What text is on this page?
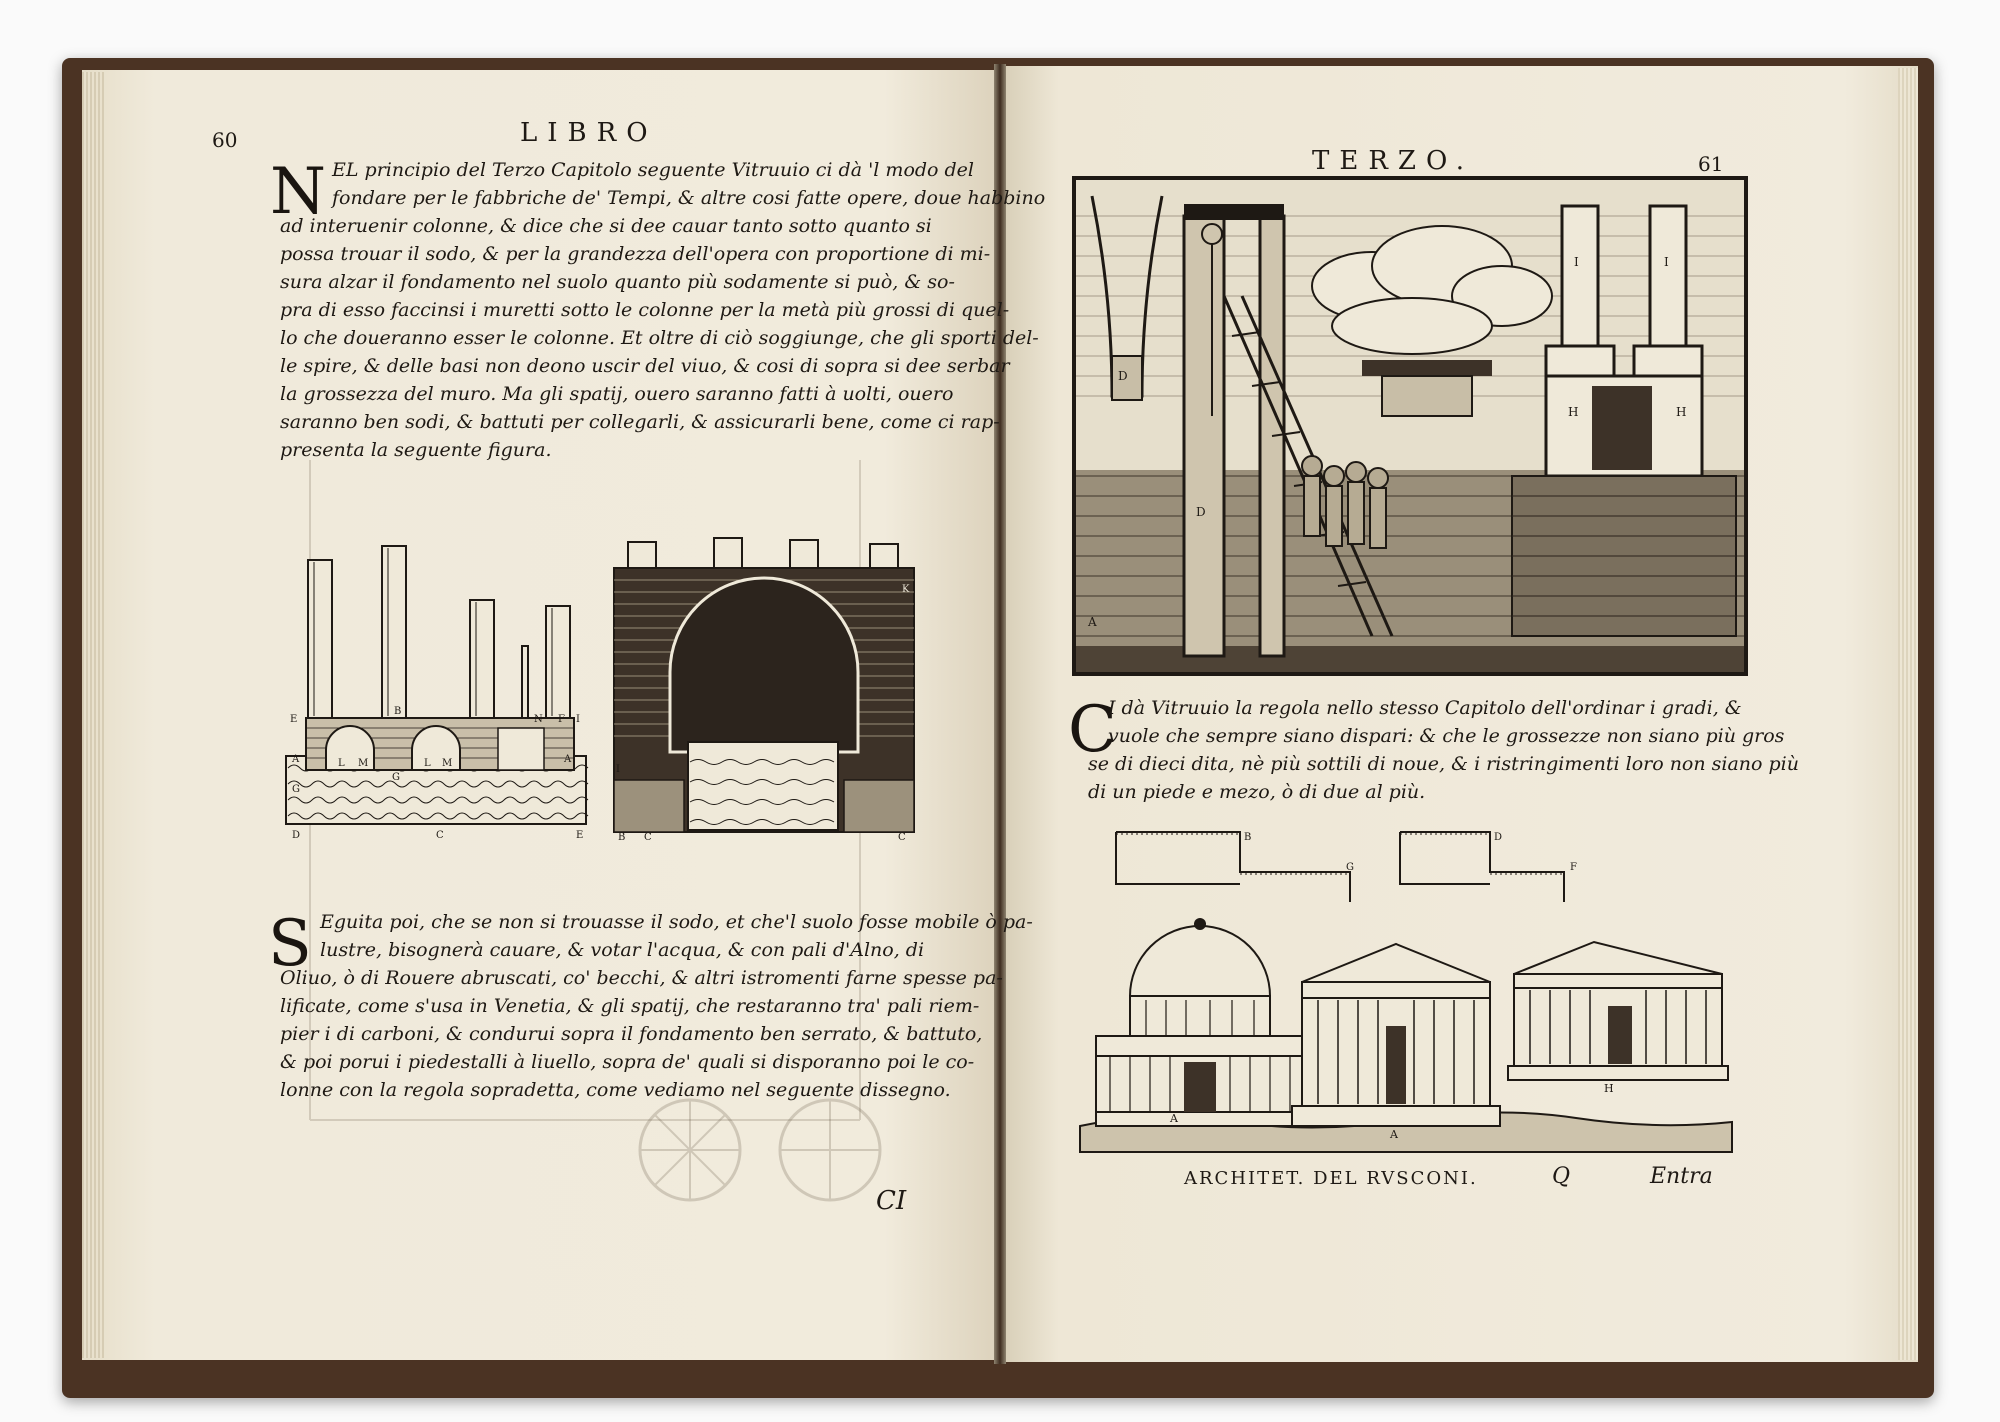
60	LIBRO
N EL principio del Terzo Capitolo seguente Vitruuio ci dà 'l modo del
fondare per le fabbriche de' Tempi, & altre cosi fatte opere, doue habbino
ad interuenir colonne, & dice che si dee cauar tanto sotto quanto si
possa trouar il sodo, & per la grandezza dell'opera con proportione di mi-
sura alzar il fondamento nel suolo quanto più sodamente si può, & so-
pra di esso faccinsi i muretti sotto le colonne per la metà più grossi di quel-
lo che doueranno esser le colonne. Et oltre di ciò soggiunge, che gli sporti del-
le spire, & delle basi non deono uscir del viuo, & cosi di sopra si dee serbar
la grossezza del muro. Ma gli spatij, ouero saranno fatti à uolti, ouero
saranno ben sodi, & battuti per collegarli, & assicurarli bene, come ci rap-
presenta la seguente figura.
E
B
N F I
A	L M	L M	A
G
G
D	C	E
K
I
B C	C
S Eguita poi, che se non si trouasse il sodo, et che'l suolo fosse mobile ò pa-
lustre, bisognerà cauare, & votar l'acqua, & con pali d'Alno, di
Oliuo, ò di Rouere abruscati, co' becchi, & altri istromenti farne spesse pa-
lificate, come s'usa in Venetia, & gli spatij, che restaranno tra' pali riem-
pier i di carboni, & condurui sopra il fondamento ben serrato, & battuto,
& poi porui i piedestalli à liuello, sopra de' quali si disporanno poi le co-
lonne con la regola sopradetta, come vediamo nel seguente dissegno.
CI
TERZO.	61
I	I
D
H	H
D
A
C
I dà Vitruuio la regola nello stesso Capitolo dell'ordinar i gradi, &
vuole che sempre siano dispari: & che le grossezze non siano più gros
se di dieci dita, nè più sottili di noue, & i ristringimenti loro non siano più
di un piede e mezo, ò di due al più.
B
G
D
F
A
A
H
ARCHITET. DEL RVSCONI.	Q	Entra
